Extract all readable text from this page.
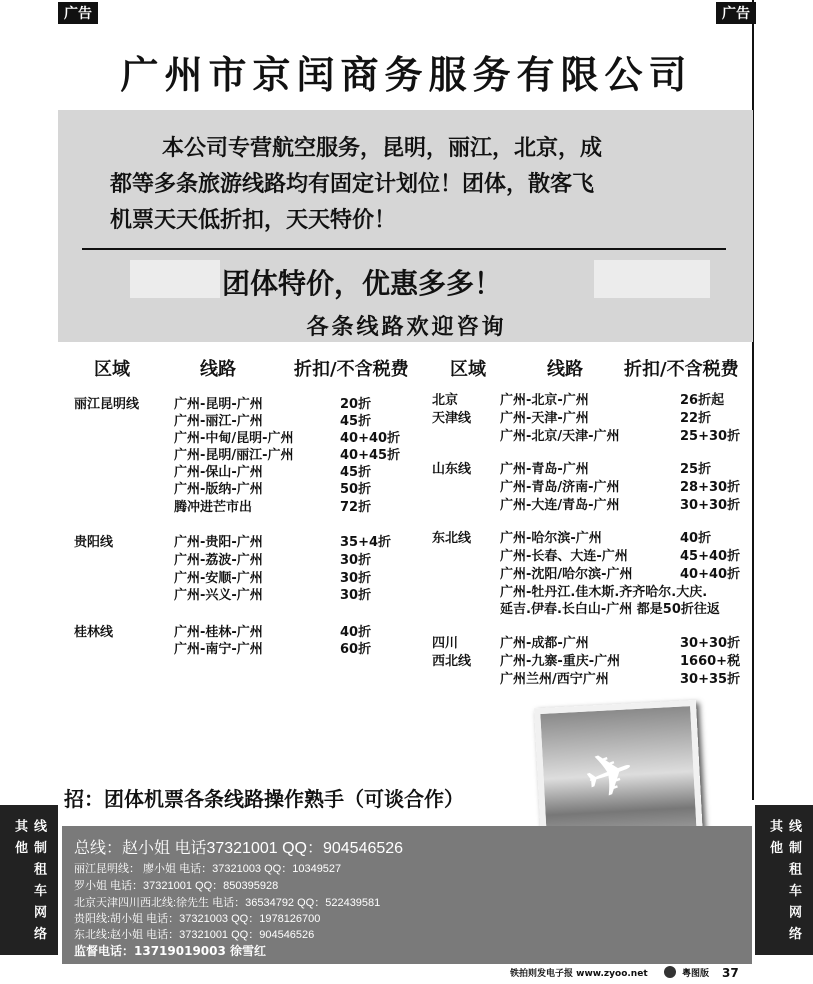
广告	广告
广州市京闰商务服务有限公司

本公司专营航空服务，昆明，丽江，北京，成

都等多条旅游线路均有固定计划位！团体，散客飞

机票天天低折扣，天天特价！

团体特价，优惠多多！
各条线路欢迎咨询
区域	线路	折扣/不含税费 区域	线路 折扣/不含税费
丽江昆明线	广州-昆明-广州	20折
广州-丽江-广州	45折
广州-中甸/昆明-广州	40+40折
广州-昆明/丽江-广州	40+45折
广州-保山-广州	45折
广州-版纳-广州	50折
腾冲进芒市出	72折
贵阳线	广州-贵阳-广州	35+4折
广州-荔波-广州	30折
广州-安顺-广州	30折
广州-兴义-广州	30折
桂林线	广州-桂林-广州	40折
广州-南宁-广州	60折
北京	广州-北京-广州	26折起
天津线 广州-天津-广州	22折
广州-北京/天津-广州	25+30折
山东线 广州-青岛-广州	25折
广州-青岛/济南-广州	28+30折
广州-大连/青岛-广州	30+30折
东北线 广州-哈尔滨-广州	40折
广州-长春、大连-广州	45+40折
广州-沈阳/哈尔滨-广州	40+40折
广州-牡丹江.佳木斯.齐齐哈尔.大庆.
延吉.伊春.长白山-广州 都是50折往返
四川	广州-成都-广州	30+30折
西北线 广州-九寨-重庆-广州	1660+税
广州兰州/西宁广州	30+35折
✈
招：团体机票各条线路操作熟手（可谈合作）
线 制 租 车 网 络 其 他	线 制 租 车 网 络 其 他
总线：赵小姐 电话37321001 QQ：904546526
丽江昆明线： 廖小姐 电话：37321003 QQ：10349527
罗小姐 电话：37321001 QQ：850395928
北京天津四川西北线:徐先生 电话：36534792 QQ：522439581
贵阳线:胡小姐 电话：37321003 QQ：1978126700
东北线:赵小姐 电话：37321001 QQ：904546526
监督电话：13719019003 徐雪红
铁拍则发电子报 www.zyoo.net	粤图版 37
